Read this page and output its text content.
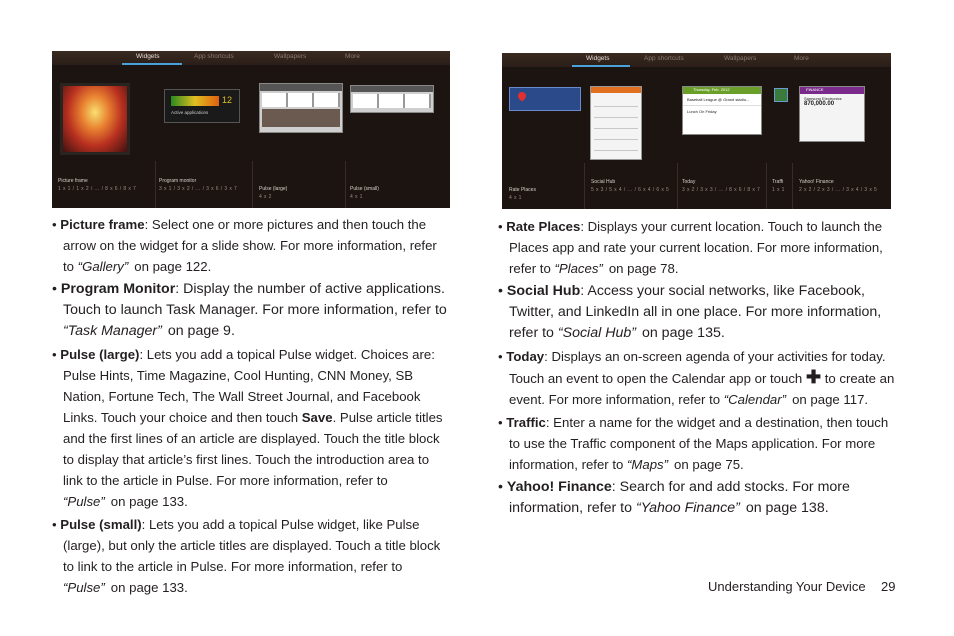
Widgets	App shortcuts	Wallpapers	More
12
Active applications
Picture frame
1 x 1 / 1 x 2 / ... / 8 x 6 / 8 x 7
Program monitor
3 x 1 / 3 x 2 / ... / 3 x 6 / 3 x 7	Pulse (large)
4 x 2
Pulse (small)
4 x 1
Widgets	App shortcuts	Wallpapers	More
Thursday, Feb. 2012
Baseball League @ Grand stadiu...
Lunch On Friday
FINANCE
Samsung Electronics
870,000.00
Rate Places
4 x 1
Social Hub
5 x 3 / 5 x 4 / ... / 6 x 4 / 6 x 5
Today
3 x 2 / 3 x 3 / ... / 8 x 6 / 8 x 7
Traffi
1 x 1
Yahoo! Finance
2 x 2 / 2 x 3 / ... / 3 x 4 / 3 x 5
• Picture frame: Select one or more pictures and then touch the arrow on the widget for a slide show. For more information, refer to “Gallery” on page 122.
• Program Monitor: Display the number of active applications. Touch to launch Task Manager. For more information, refer to “Task Manager” on page 9.
• Pulse (large): Lets you add a topical Pulse widget. Choices are: Pulse Hints, Time Magazine, Cool Hunting, CNN Money, SB Nation, Fortune Tech, The Wall Street Journal, and Facebook Links. Touch your choice and then touch Save. Pulse article titles and the first lines of an article are displayed. Touch the title block to display that article’s first lines. Touch the introduction area to link to the article in Pulse. For more information, refer to “Pulse” on page 133.
• Pulse (small): Lets you add a topical Pulse widget, like Pulse (large), but only the article titles are displayed. Touch a title block to link to the article in Pulse. For more information, refer to “Pulse” on page 133.
• Rate Places: Displays your current location. Touch to launch the Places app and rate your current location. For more information, refer to “Places” on page 78.
• Social Hub: Access your social networks, like Facebook, Twitter, and LinkedIn all in one place. For more information, refer to “Social Hub” on page 135.
• Today: Displays an on-screen agenda of your activities for today. Touch an event to open the Calendar app or touch ✚ to create an event. For more information, refer to “Calendar” on page 117.
• Traffic: Enter a name for the widget and a destination, then touch to use the Traffic component of the Maps application. For more information, refer to “Maps” on page 75.
• Yahoo! Finance: Search for and add stocks. For more information, refer to “Yahoo Finance” on page 138.
Understanding Your Device 29
